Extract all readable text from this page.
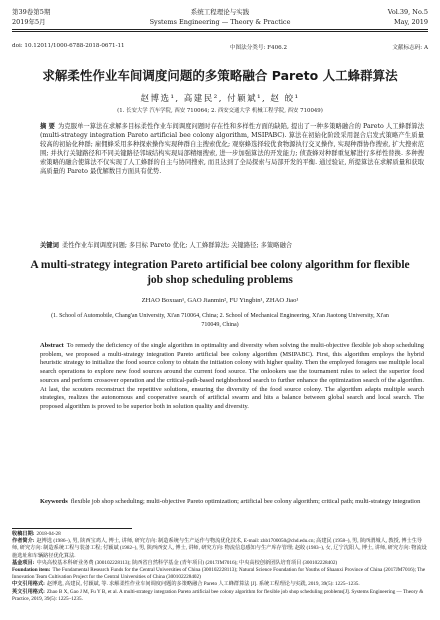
第39卷第5期	系统工程理论与实践	Vol.39, No.5
2019年5月	Systems Engineering — Theory & Practice	May, 2019
doi: 10.12011/1000-6788-2018-0671-11	中图法分类号: F406.2	文献标志码: A
求解柔性作业车间调度问题的多策略融合 Pareto 人工蜂群算法
赵博选¹, 高建民², 付颖斌¹, 赵 皎¹
(1. 长安大学 汽车学院, 西安 710064; 2. 西安交通大学 机械工程学院, 西安 710049)
摘 要 为克服单一算法在求解多目标柔性作业车间调度问题时存在性和多样性方面的缺陷, 提出了一种多策略融合的 Pareto 人工蜂群算法 (multi-strategy integration Pareto artificial bee colony algorithm, MSIPABC). 算法在初始化阶段采用混合启发式策略产生质量较高的初始化种群; 雇佣蜂采用多种探索操作实现种群自主搜索优化; 观察蜂选择较优食物源执行交叉操作, 实现种群协作搜索, 扩大搜索范围; 并执行关键路径和不同关键路径邻域结构实现局部精细搜索, 进一步加强算法的开发能力; 侦查蜂对种群重复解进行多样性替换. 多种搜索策略的融合使算法不仅实现了人工蜂群的自主与协同搜索, 而且达到了全局探索与局部开发的平衡. 通过验证, 所提算法在求解质量和获取高质量的 Pareto 最优解数目方面具有优势.
关键词 柔性作业车间调度问题; 多目标 Pareto 优化; 人工蜂群算法; 关键路径; 多策略融合
A multi-strategy integration Pareto artificial bee colony algorithm for flexible job shop scheduling problems
ZHAO Boxuan¹, GAO Jianmin², FU Yingbin¹, ZHAO Jiao¹
(1. School of Automobile, Chang'an University, Xi'an 710064, China; 2. School of Mechanical Engineering, Xi'an Jiaotong University, Xi'an 710049, China)
Abstract To remedy the deficiency of the single algorithm in optimality and diversity when solving the multi-objective flexible job shop scheduling problem, we proposed a multi-strategy integration Pareto artificial bee colony algorithm (MSIPABC). First, this algorithm employs the hybrid heuristic strategy to initialize the food source colony to obtain the initiation colony with higher quality. Then the employed foragers use multiple local search operations to explore new food sources around the current food source. The onlookers use the tournament rules to select the superior food sources and perform crossover operation and the critical-path-based neighborhood search to further enhance the optimization search of the algorithm. At last, the scouters reconstruct the repetitive solutions, ensuring the diversity of the food source colony. The algorithm adapts multiple search strategies, realizes the autonomous and cooperative search of artificial swarm and hits a balance between global search and local search. The proposed algorithm is proved to be superior both in solution quality and diversity.
Keywords flexible job shop scheduling; multi-objective Pareto optimization; artificial bee colony algorithm; critical path; multi-strategy integration
收稿日期: 2018-04-28
作者简介: 赵博选 (1986–), 男, 陕西宝鸡人, 博士, 讲师, 研究方向: 制造系统与生产运作与物流优化技术, E-mail: zhb1700050@chd.edu.cn; 高建民 (1958–), 男, 陕西渭城人, 教授, 博士生导师, 研究方向: 制造系统工程与装备工程; 付颖斌 (1982–), 男, 陕西西安人, 博士, 讲师, 研究方向: 物流信息感知与生产库存管理; 赵皎 (1983–), 女, 辽宁沈阳人, 博士, 讲师, 研究方向: 物流设施选址和车辆路径优化算法.
基金项目: 中央高校基本科研业务费 (300102228113); 陕西省自然科学基金 (青年项目) (2017JM7016); 中央高校创新团队培育项目 (300102228402)
Foundation item: The Fundamental Research Funds for the Central Universities of China (300102228113); Natural Science Foundation for Youths of Shaanxi Province of China (2017JM7016); The Innovation Team Cultivation Project for the Central Universities of China (300102228402)
中文引用格式: 赵博选, 高建民, 付颖斌, 等. 求解柔性作业车间调度问题的多策略融合 Pareto 人工蜂群算法 [J]. 系统工程理论与实践, 2019, 39(5): 1225–1235.
英文引用格式: Zhao B X, Gao J M, Fu Y B, et al. A multi-strategy integration Pareto artificial bee colony algorithm for flexible job shop scheduling problems[J]. Systems Engineering — Theory & Practice, 2019, 39(5): 1225–1235.
